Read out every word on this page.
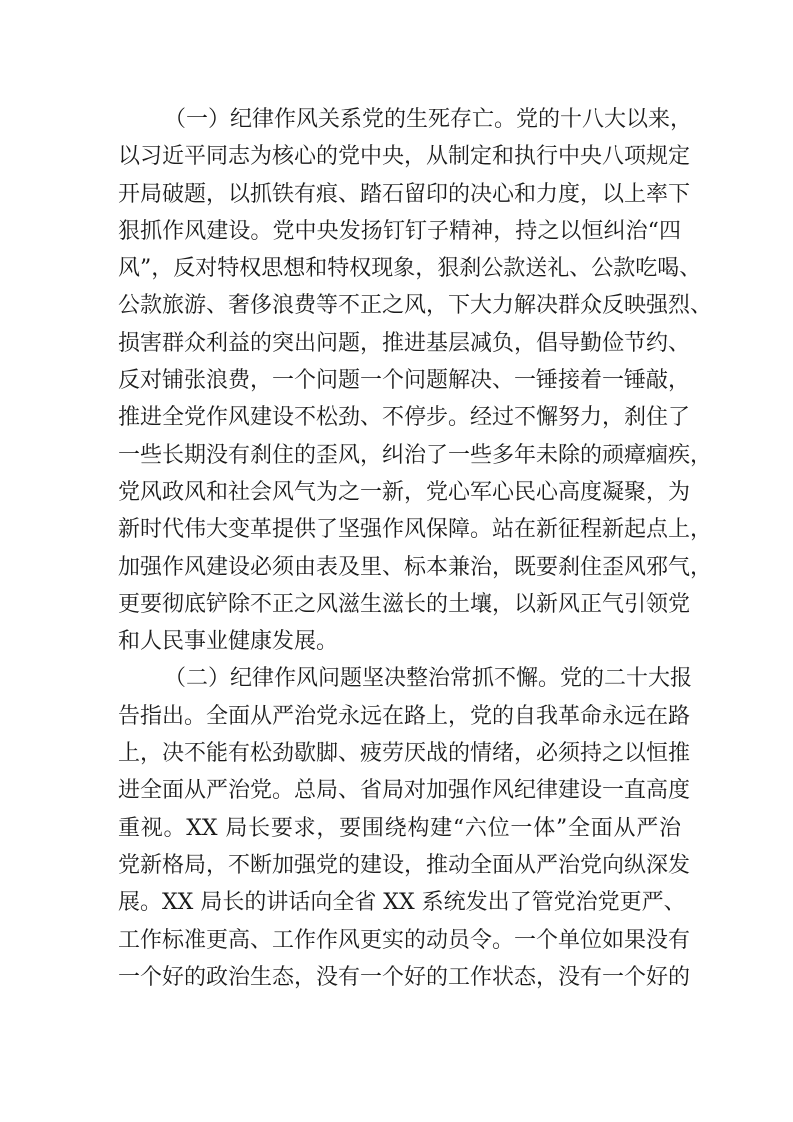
（一）纪律作风关系党的生死存亡。党的十八大以来，
以习近平同志为核心的党中央，从制定和执行中央八项规定
开局破题，以抓铁有痕、踏石留印的决心和力度，以上率下
狠抓作风建设。党中央发扬钉钉子精神，持之以恒纠治“四
风”，反对特权思想和特权现象，狠刹公款送礼、公款吃喝、
公款旅游、奢侈浪费等不正之风，下大力解决群众反映强烈、
损害群众利益的突出问题，推进基层减负，倡导勤俭节约、
反对铺张浪费，一个问题一个问题解决、一锤接着一锤敲，
推进全党作风建设不松劲、不停步。经过不懈努力，刹住了
一些长期没有刹住的歪风，纠治了一些多年未除的顽瘴痼疾，
党风政风和社会风气为之一新，党心军心民心高度凝聚，为
新时代伟大变革提供了坚强作风保障。站在新征程新起点上，
加强作风建设必须由表及里、标本兼治，既要刹住歪风邪气，
更要彻底铲除不正之风滋生滋长的土壤，以新风正气引领党
和人民事业健康发展。
（二）纪律作风问题坚决整治常抓不懈。党的二十大报
告指出。全面从严治党永远在路上，党的自我革命永远在路
上，决不能有松劲歇脚、疲劳厌战的情绪，必须持之以恒推
进全面从严治党。总局、省局对加强作风纪律建设一直高度
重视。XX 局长要求，要围绕构建“六位一体”全面从严治
党新格局，不断加强党的建设，推动全面从严治党向纵深发
展。XX 局长的讲话向全省 XX 系统发出了管党治党更严、
工作标准更高、工作作风更实的动员令。一个单位如果没有
一个好的政治生态，没有一个好的工作状态，没有一个好的
